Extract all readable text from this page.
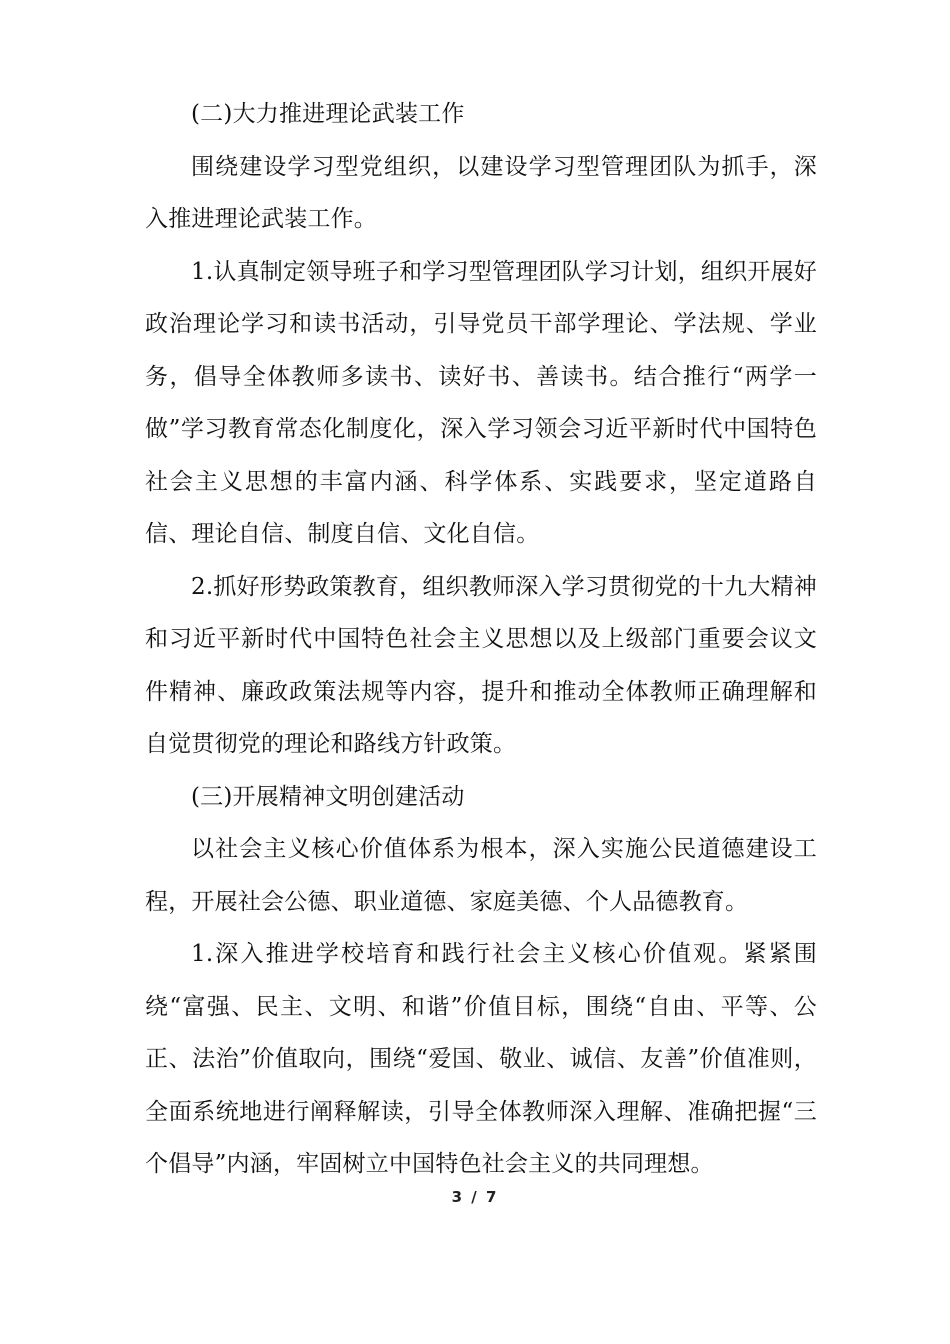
(二)大力推进理论武装工作

围绕建设学习型党组织，以建设学习型管理团队为抓手，深入推进理论武装工作。

1.认真制定领导班子和学习型管理团队学习计划，组织开展好政治理论学习和读书活动，引导党员干部学理论、学法规、学业务，倡导全体教师多读书、读好书、善读书。结合推行“两学一做”学习教育常态化制度化，深入学习领会习近平新时代中国特色社会主义思想的丰富内涵、科学体系、实践要求，坚定道路自信、理论自信、制度自信、文化自信。

2.抓好形势政策教育，组织教师深入学习贯彻党的十九大精神和习近平新时代中国特色社会主义思想以及上级部门重要会议文件精神、廉政政策法规等内容，提升和推动全体教师正确理解和自觉贯彻党的理论和路线方针政策。

(三)开展精神文明创建活动

以社会主义核心价值体系为根本，深入实施公民道德建设工程，开展社会公德、职业道德、家庭美德、个人品德教育。

1.深入推进学校培育和践行社会主义核心价值观。紧紧围绕“富强、民主、文明、和谐”价值目标，围绕“自由、平等、公正、法治”价值取向，围绕“爱国、敬业、诚信、友善”价值准则，全面系统地进行阐释解读，引导全体教师深入理解、准确把握“三个倡导”内涵，牢固树立中国特色社会主义的共同理想。

3 / 7
